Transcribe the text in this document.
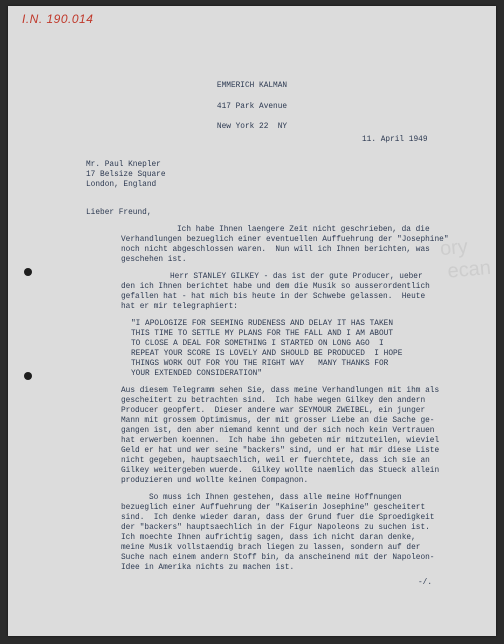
I.N. 190.014
ory
ecan
EMMERICH KALMAN
417 Park Avenue
New York 22  NY
11. April 1949
Mr. Paul Knepler
17 Belsize Square
London, England
Lieber Freund,
Ich habe Ihnen laengere Zeit nicht geschrieben, da die
Verhandlungen bezueglich einer eventuellen Auffuehrung der "Josephine"
noch nicht abgeschlossen waren.  Nun will ich Ihnen berichten, was
geschehen ist.
Herr STANLEY GILKEY - das ist der gute Producer, ueber
den ich Ihnen berichtet habe und dem die Musik so ausserordentlich
gefallen hat - hat mich bis heute in der Schwebe gelassen.  Heute
hat er mir telegraphiert:
"I APOLOGIZE FOR SEEMING RUDENESS AND DELAY IT HAS TAKEN
THIS TIME TO SETTLE MY PLANS FOR THE FALL AND I AM ABOUT
TO CLOSE A DEAL FOR SOMETHING I STARTED ON LONG AGO  I
REPEAT YOUR SCORE IS LOVELY AND SHOULD BE PRODUCED  I HOPE
THINGS WORK OUT FOR YOU THE RIGHT WAY   MANY THANKS FOR
YOUR EXTENDED CONSIDERATION"
Aus diesem Telegramm sehen Sie, dass meine Verhandlungen mit ihm als
gescheitert zu betrachten sind.  Ich habe wegen Gilkey den andern
Producer geopfert.  Dieser andere war SEYMOUR ZWEIBEL, ein junger
Mann mit grossem Optimismus, der mit grosser Liebe an die Sache ge-
gangen ist, den aber niemand kennt und der sich noch kein Vertrauen
hat erwerben koennen.  Ich habe ihn gebeten mir mitzuteilen, wieviel
Geld er hat und wer seine "backers" sind, und er hat mir diese Liste
nicht gegeben, hauptsaechlich, weil er fuerchtete, dass ich sie an
Gilkey weitergeben wuerde.  Gilkey wollte naemlich das Stueck allein
produzieren und wollte keinen Compagnon.
So muss ich Ihnen gestehen, dass alle meine Hoffnungen
bezueglich einer Auffuehrung der "Kaiserin Josephine" gescheitert
sind.  Ich denke wieder daran, dass der Grund fuer die Sproedigkeit
der "backers" hauptsaechlich in der Figur Napoleons zu suchen ist.
Ich moechte Ihnen aufrichtig sagen, dass ich nicht daran denke,
meine Musik vollstaendig brach liegen zu lassen, sondern auf der
Suche nach einem andern Stoff bin, da anscheinend mit der Napoleon-
Idee in Amerika nichts zu machen ist.
-/.
